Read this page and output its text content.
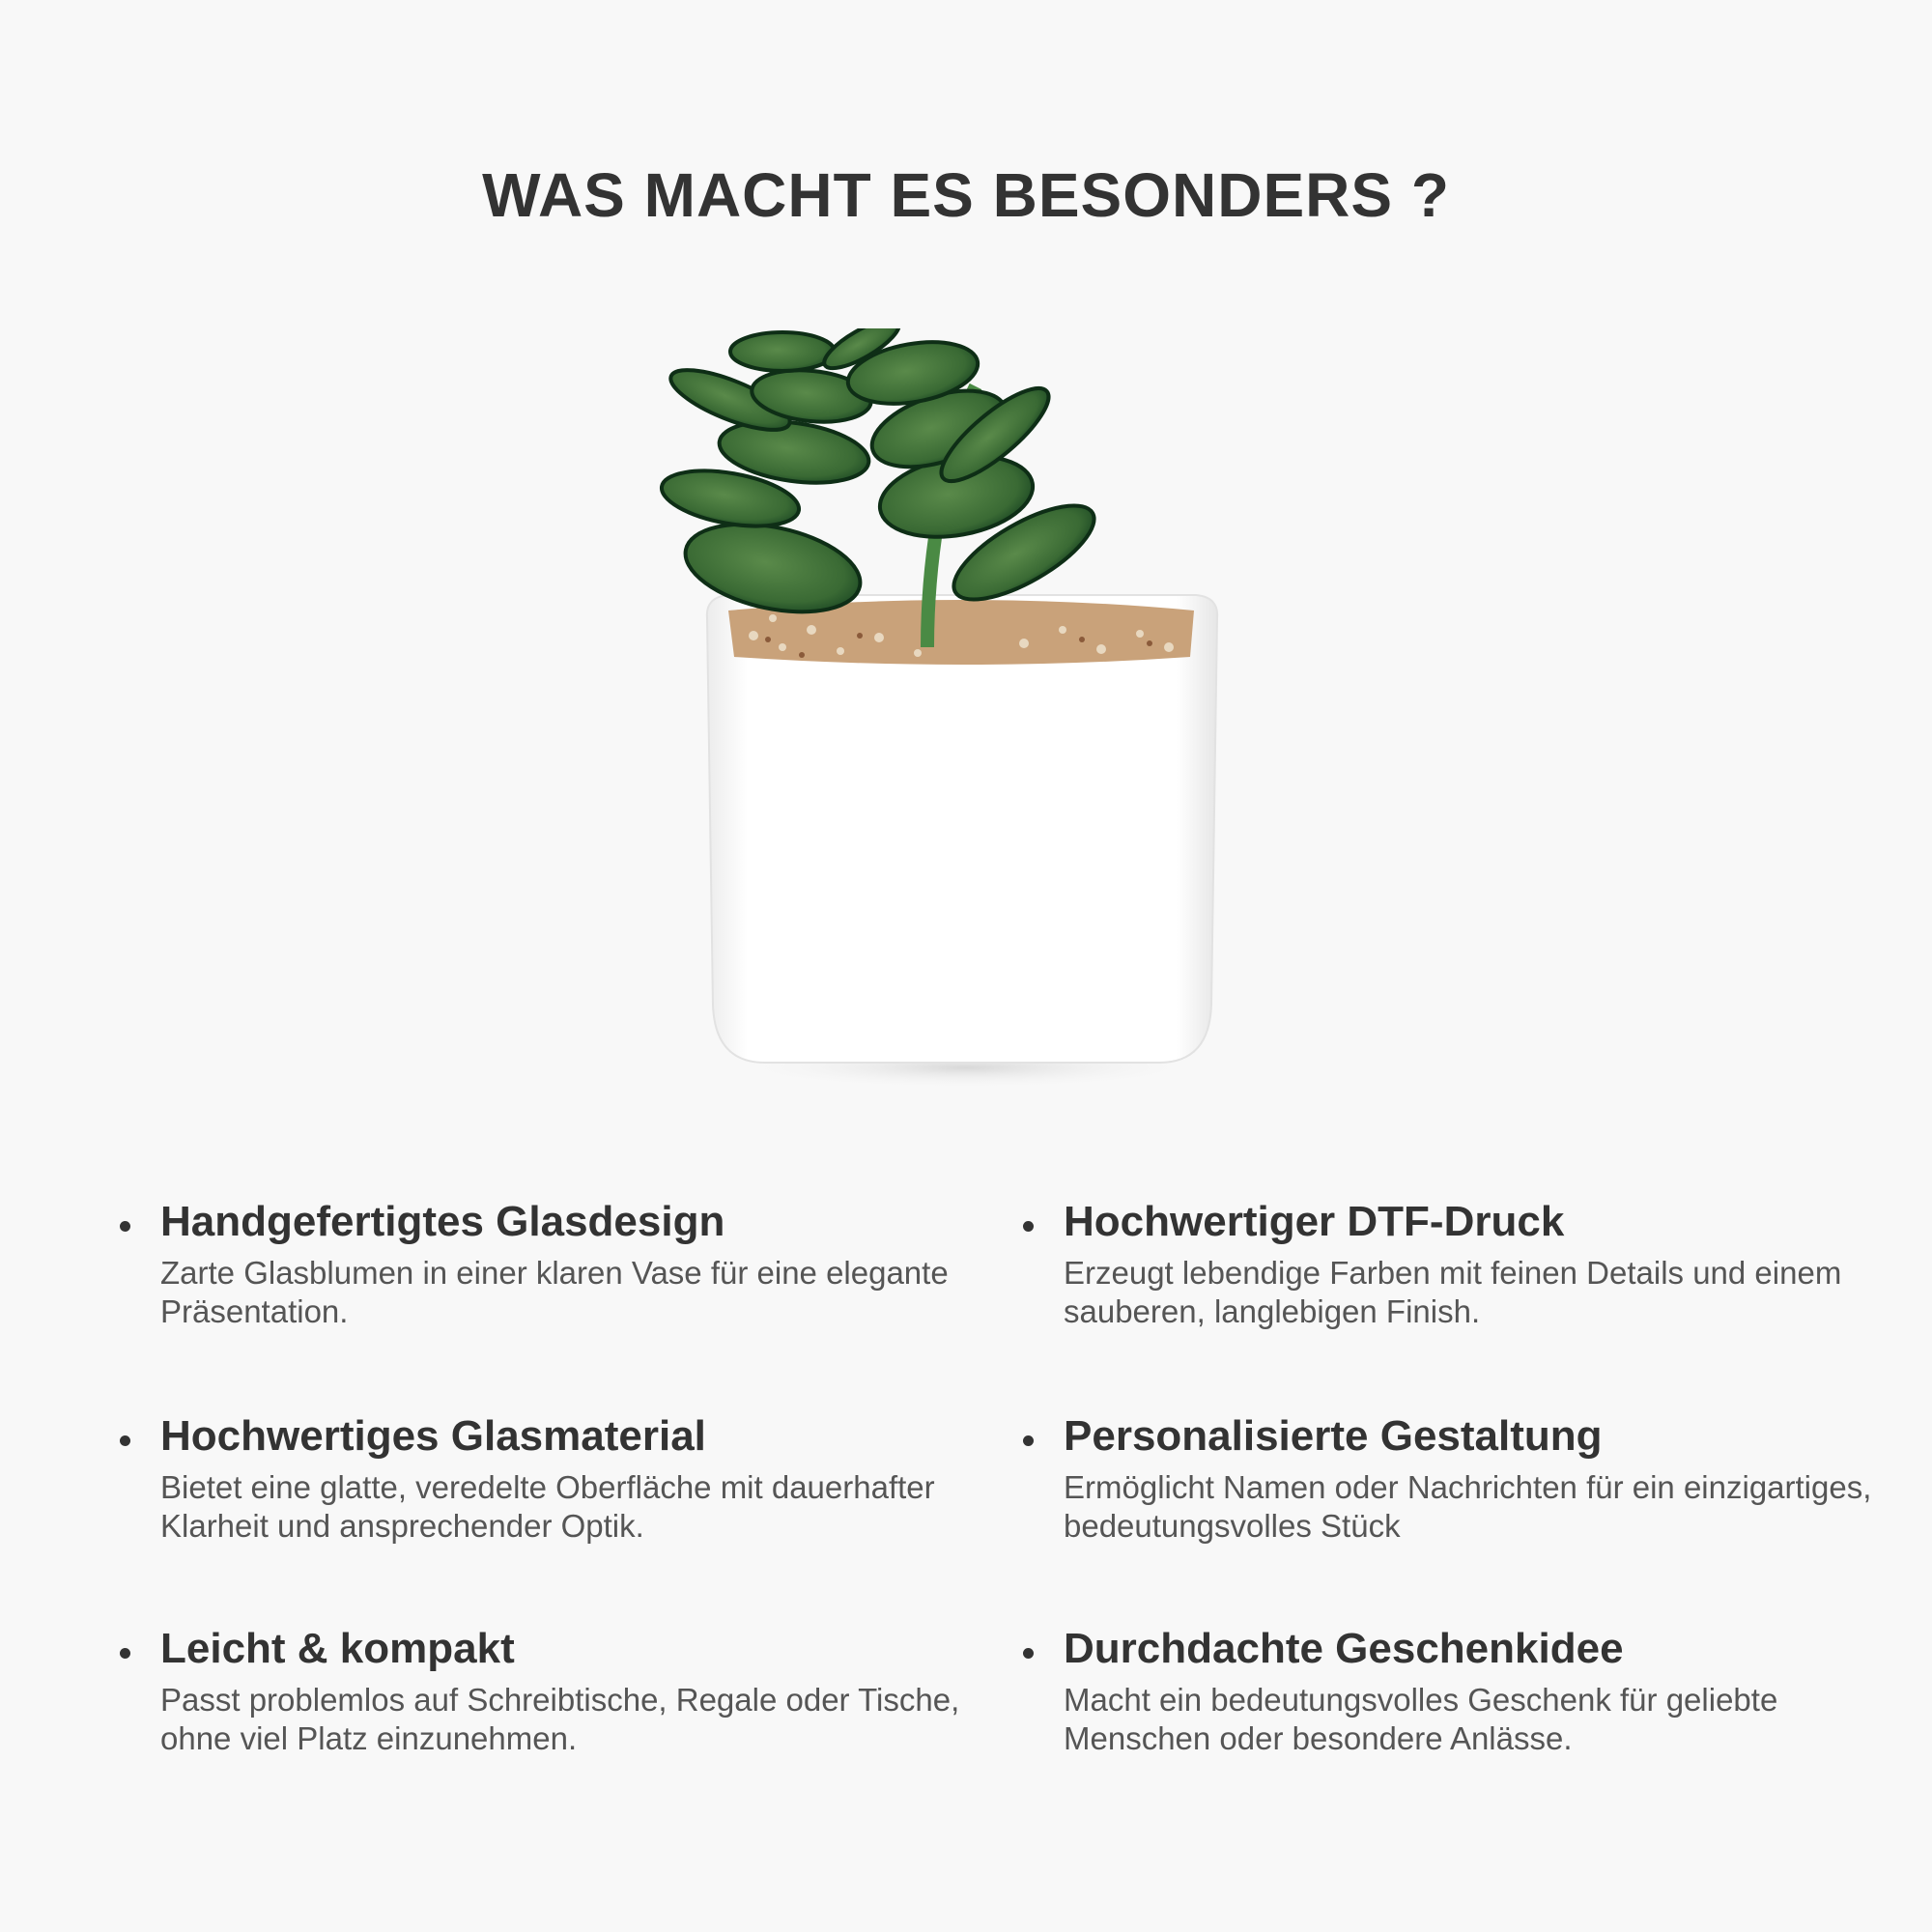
WAS MACHT ES BESONDERS ?
Handgefertigtes Glasdesign
Zarte Glasblumen in einer klaren Vase für eine elegante Präsentation.
Hochwertiger DTF-Druck
Erzeugt lebendige Farben mit feinen Details und einem sauberen, langlebigen Finish.
Hochwertiges Glasmaterial
Bietet eine glatte, veredelte Oberfläche mit dauerhafter Klarheit und ansprechender Optik.
Personalisierte Gestaltung
Ermöglicht Namen oder Nachrichten für ein einzigartiges, bedeutungsvolles Stück
Leicht & kompakt
Passt problemlos auf Schreibtische, Regale oder Tische, ohne viel Platz einzunehmen.
Durchdachte Geschenkidee
Macht ein bedeutungsvolles Geschenk für geliebte Menschen oder besondere Anlässe.
